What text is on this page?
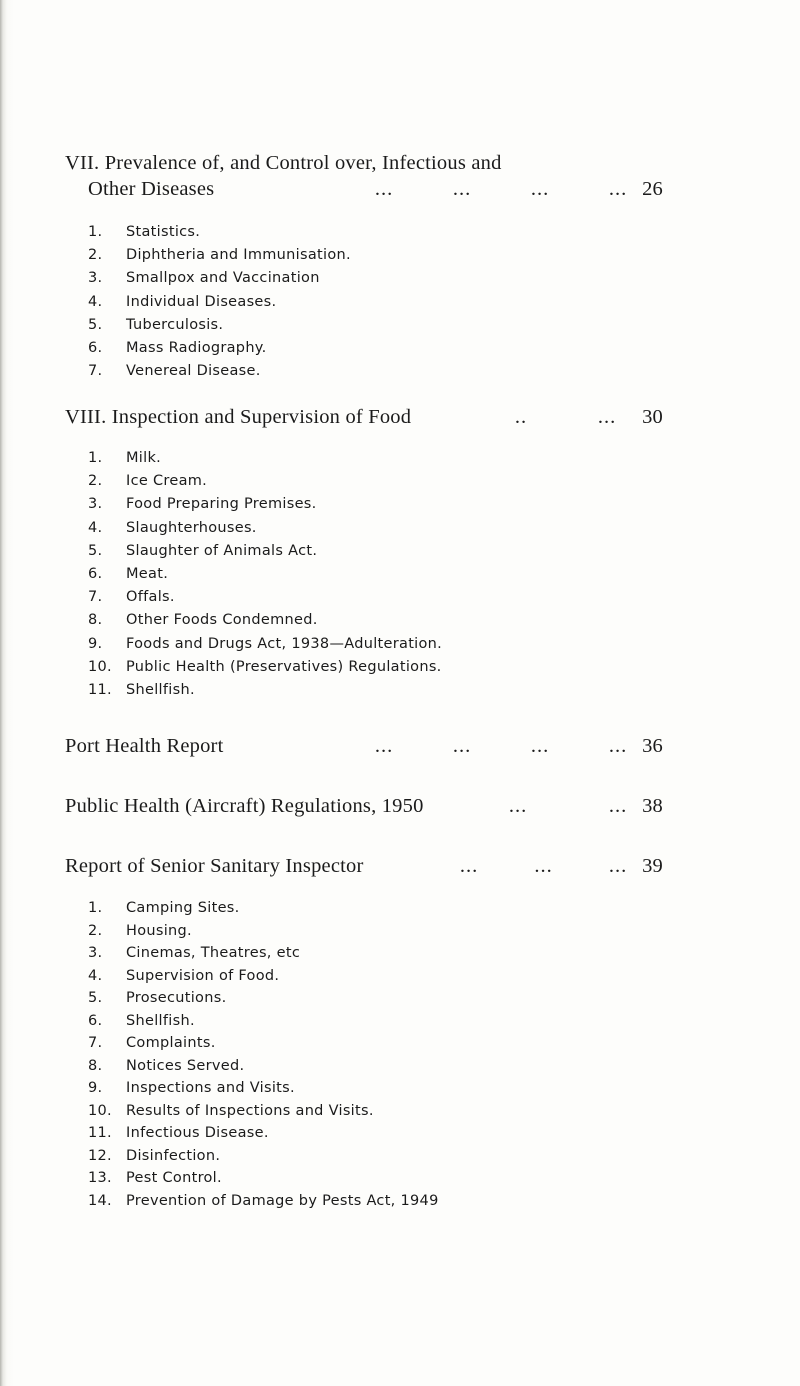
VII. Prevalence of, and Control over, Infectious and
Other Diseases	...	...	...	... 26
1.	Statistics.
2.	Diphtheria and Immunisation.
3.	Smallpox and Vaccination
4.	Individual Diseases.
5.	Tuberculosis.
6.	Mass Radiography.
7.	Venereal Disease.
VIII. Inspection and Supervision of Food	..	... 30
1.	Milk.
2.	Ice Cream.
3.	Food Preparing Premises.
4.	Slaughterhouses.
5.	Slaughter of Animals Act.
6.	Meat.
7.	Offals.
8.	Other Foods Condemned.
9.	Foods and Drugs Act, 1938—Adulteration.
10. Public Health (Preservatives) Regulations.
11. Shellfish.
Port Health Report	...	...	...	... 36
Public Health (Aircraft) Regulations, 1950	...	... 38
Report of Senior Sanitary Inspector	...	...	... 39
1.	Camping Sites.
2.	Housing.
3.	Cinemas, Theatres, etc
4.	Supervision of Food.
5.	Prosecutions.
6.	Shellfish.
7.	Complaints.
8.	Notices Served.
9.	Inspections and Visits.
10. Results of Inspections and Visits.
11. Infectious Disease.
12. Disinfection.
13. Pest Control.
14. Prevention of Damage by Pests Act, 1949
